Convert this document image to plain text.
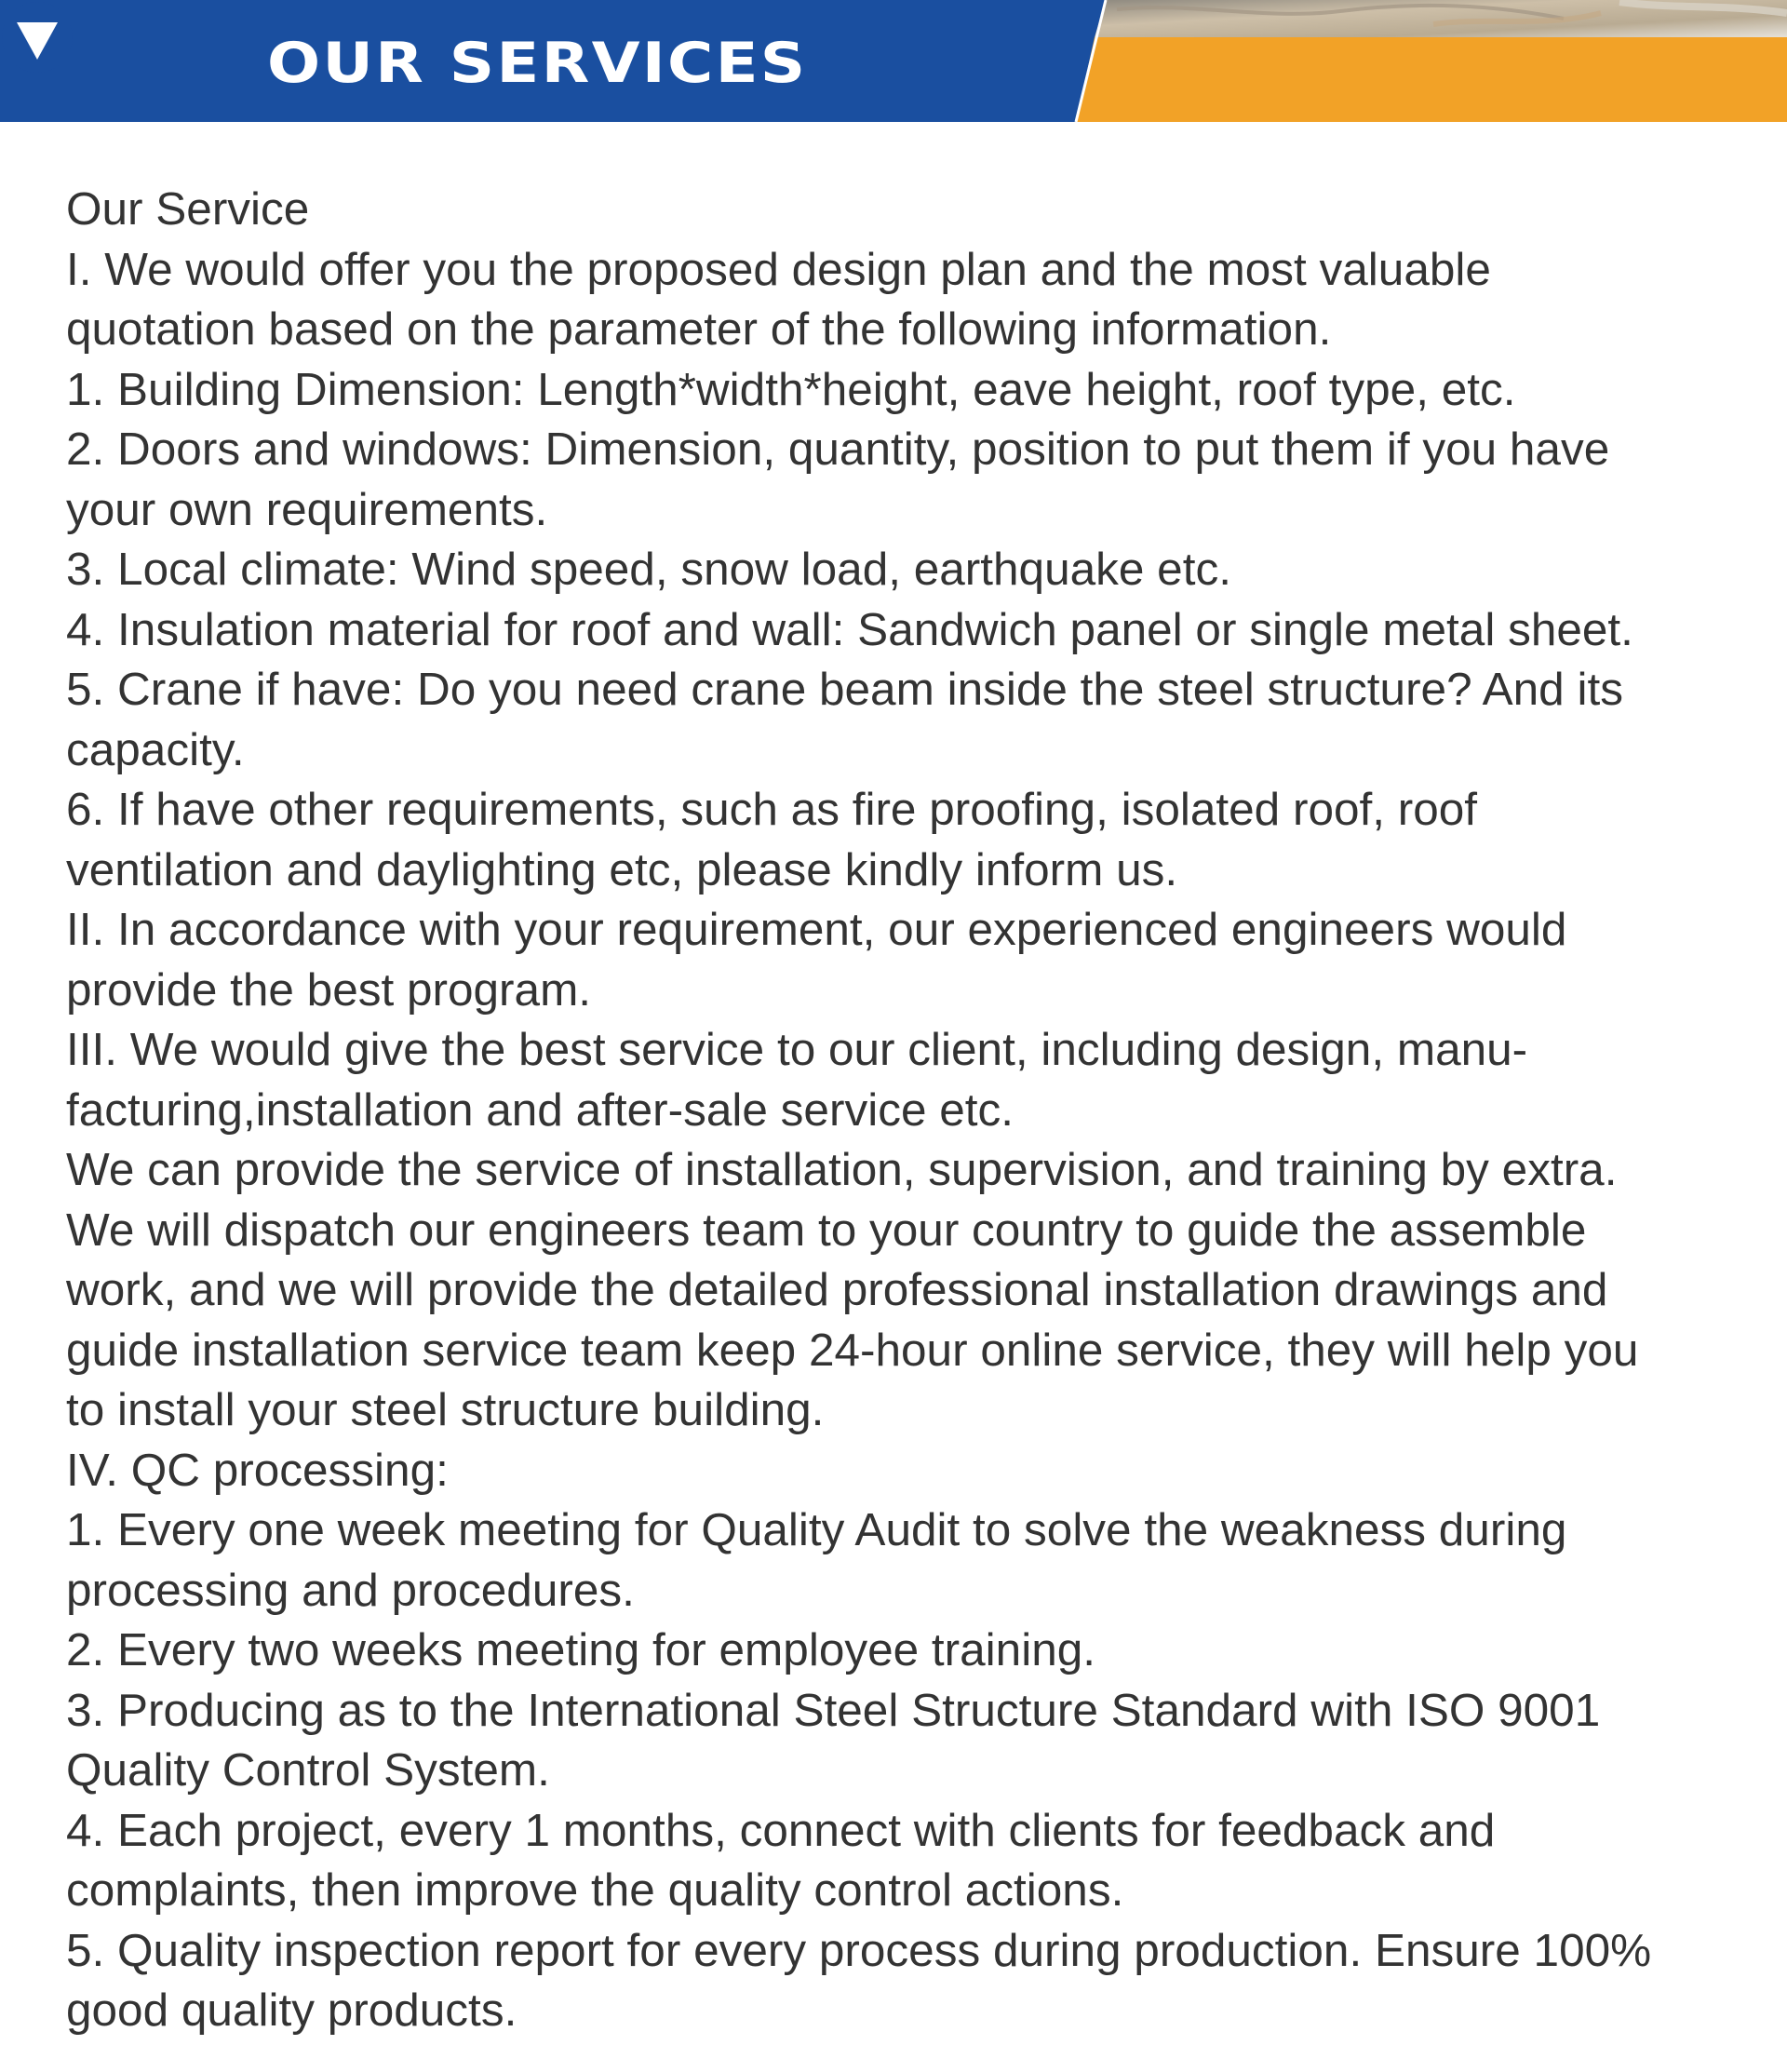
OUR SERVICES
Our Service
I. We would offer you the proposed design plan and the most valuable
quotation based on the parameter of the following information.
1. Building Dimension: Length*width*height, eave height, roof type, etc.
2. Doors and windows: Dimension, quantity, position to put them if you have
your own requirements.
3. Local climate: Wind speed, snow load, earthquake etc.
4. Insulation material for roof and wall: Sandwich panel or single metal sheet.
5. Crane if have: Do you need crane beam inside the steel structure? And its
capacity.
6. If have other requirements, such as fire proofing, isolated roof, roof
ventilation and daylighting etc, please kindly inform us.
II. In accordance with your requirement, our experienced engineers would
provide the best program.
III. We would give the best service to our client, including design, manu-
facturing,installation and after-sale service etc.
We can provide the service of installation, supervision, and training by extra.
We will dispatch our engineers team to your country to guide the assemble
work, and we will provide the detailed professional installation drawings and
guide installation service team keep 24-hour online service, they will help you
to install your steel structure building.
IV. QC processing:
1. Every one week meeting for Quality Audit to solve the weakness during
processing and procedures.
2. Every two weeks meeting for employee training.
3. Producing as to the International Steel Structure Standard with ISO 9001
Quality Control System.
4. Each project, every 1 months, connect with clients for feedback and
complaints, then improve the quality control actions.
5. Quality inspection report for every process during production. Ensure 100%
good quality products.
